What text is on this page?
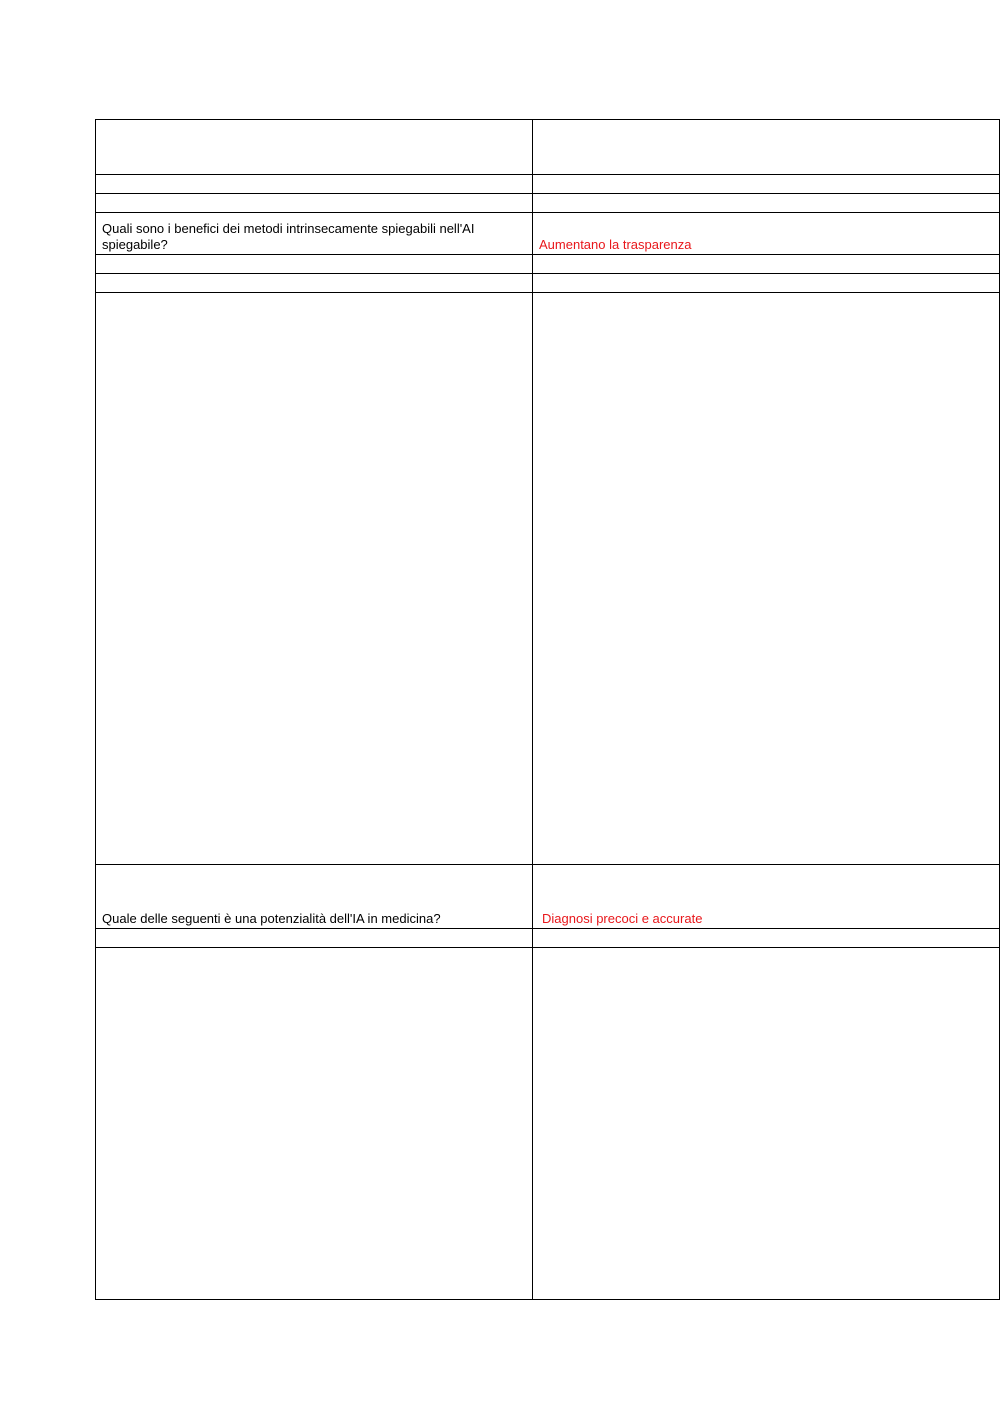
Quali sono i benefici dei metodi intrinsecamente spiegabili nell'AI spiegabile?	Aumentano la trasparenza

Quale delle seguenti è una potenzialità dell'IA in medicina?	Diagnosi precoci e accurate
